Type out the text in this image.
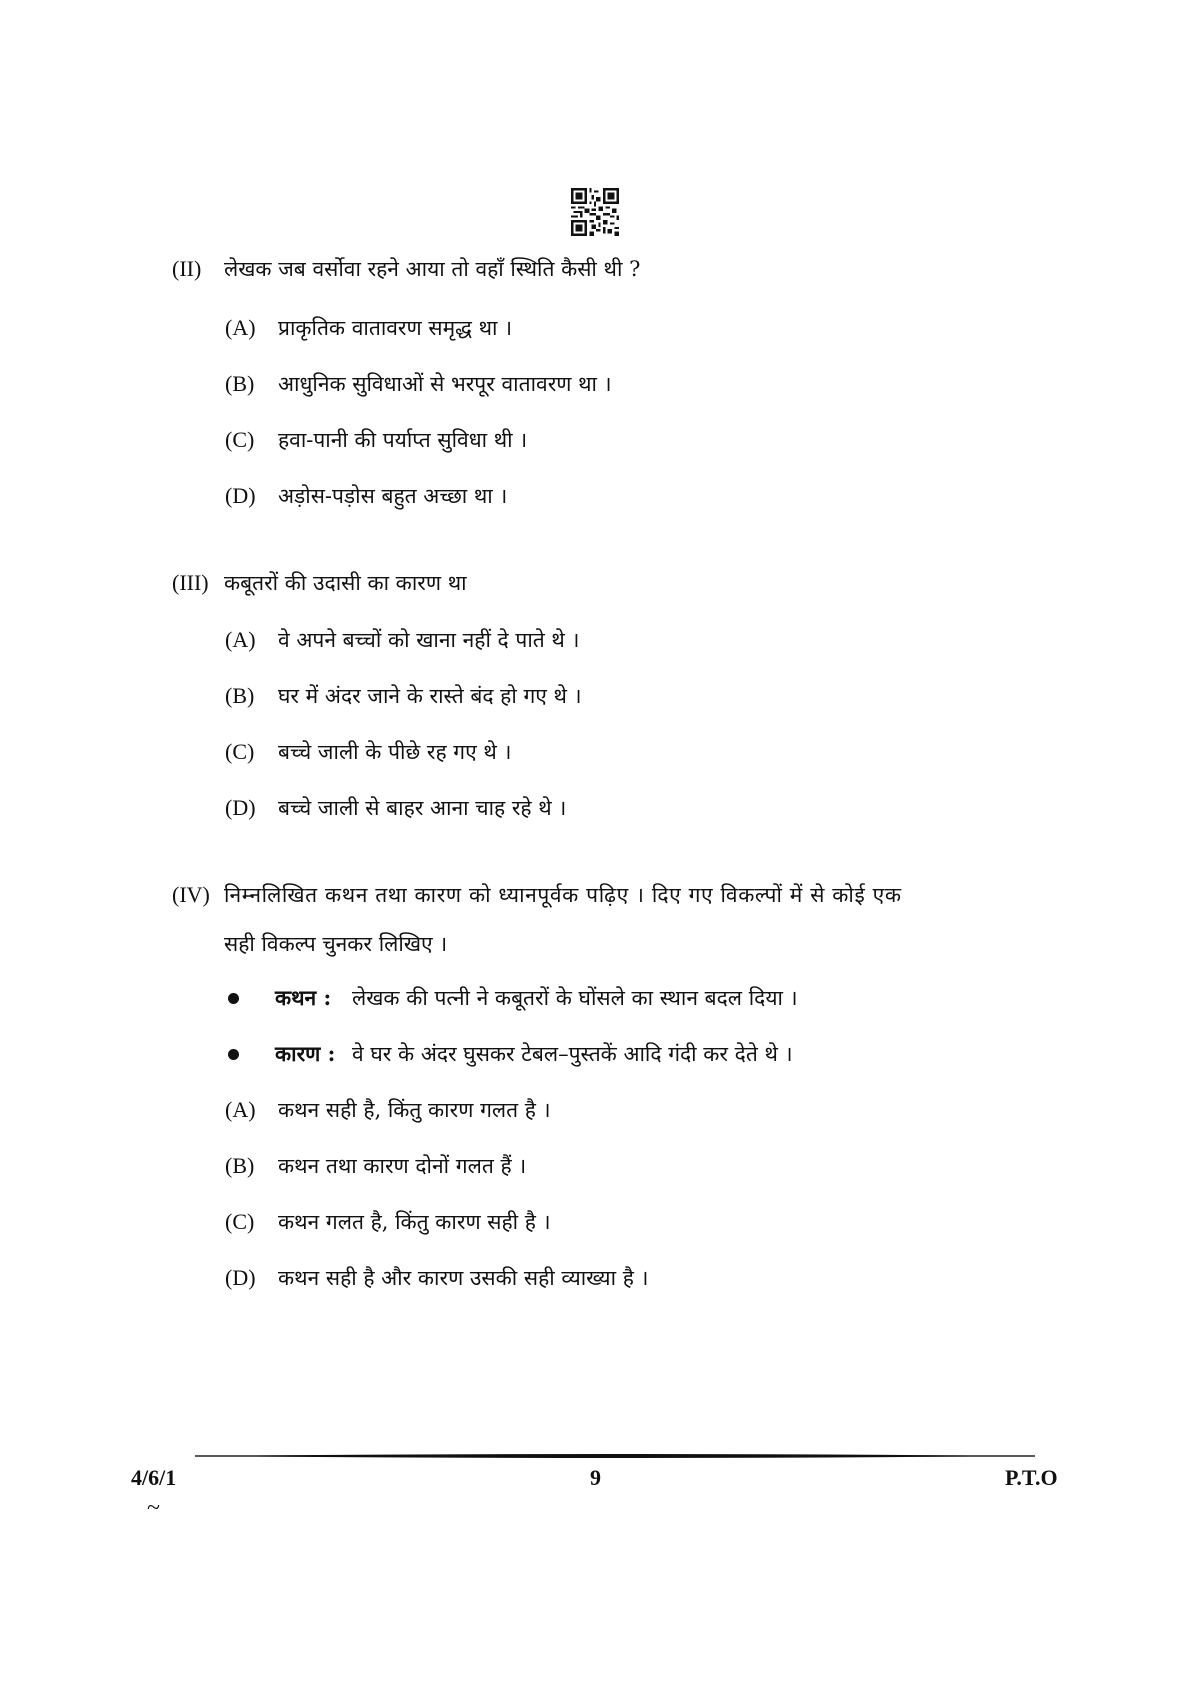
(II) लेखक जब वर्सोवा रहने आया तो वहाँ स्थिति कैसी थी ?
(A) प्राकृतिक वातावरण समृद्ध था ।
(B) आधुनिक सुविधाओं से भरपूर वातावरण था ।
(C) हवा-पानी की पर्याप्त सुविधा थी ।
(D) अड़ोस-पड़ोस बहुत अच्छा था ।
(III) कबूतरों की उदासी का कारण था
(A) वे अपने बच्चों को खाना नहीं दे पाते थे ।
(B) घर में अंदर जाने के रास्ते बंद हो गए थे ।
(C) बच्चे जाली के पीछे रह गए थे ।
(D) बच्चे जाली से बाहर आना चाह रहे थे ।
(IV) निम्नलिखित कथन तथा कारण को ध्यानपूर्वक पढ़िए । दिए गए विकल्पों में से कोई एक
सही विकल्प चुनकर लिखिए ।
कथन : लेखक की पत्नी ने कबूतरों के घोंसले का स्थान बदल दिया ।
कारण : वे घर के अंदर घुसकर टेबल–पुस्तकें आदि गंदी कर देते थे ।
(A) कथन सही है, किंतु कारण गलत है ।
(B) कथन तथा कारण दोनों गलत हैं ।
(C) कथन गलत है, किंतु कारण सही है ।
(D) कथन सही है और कारण उसकी सही व्याख्या है ।
4/6/1	9	P.T.O
~
